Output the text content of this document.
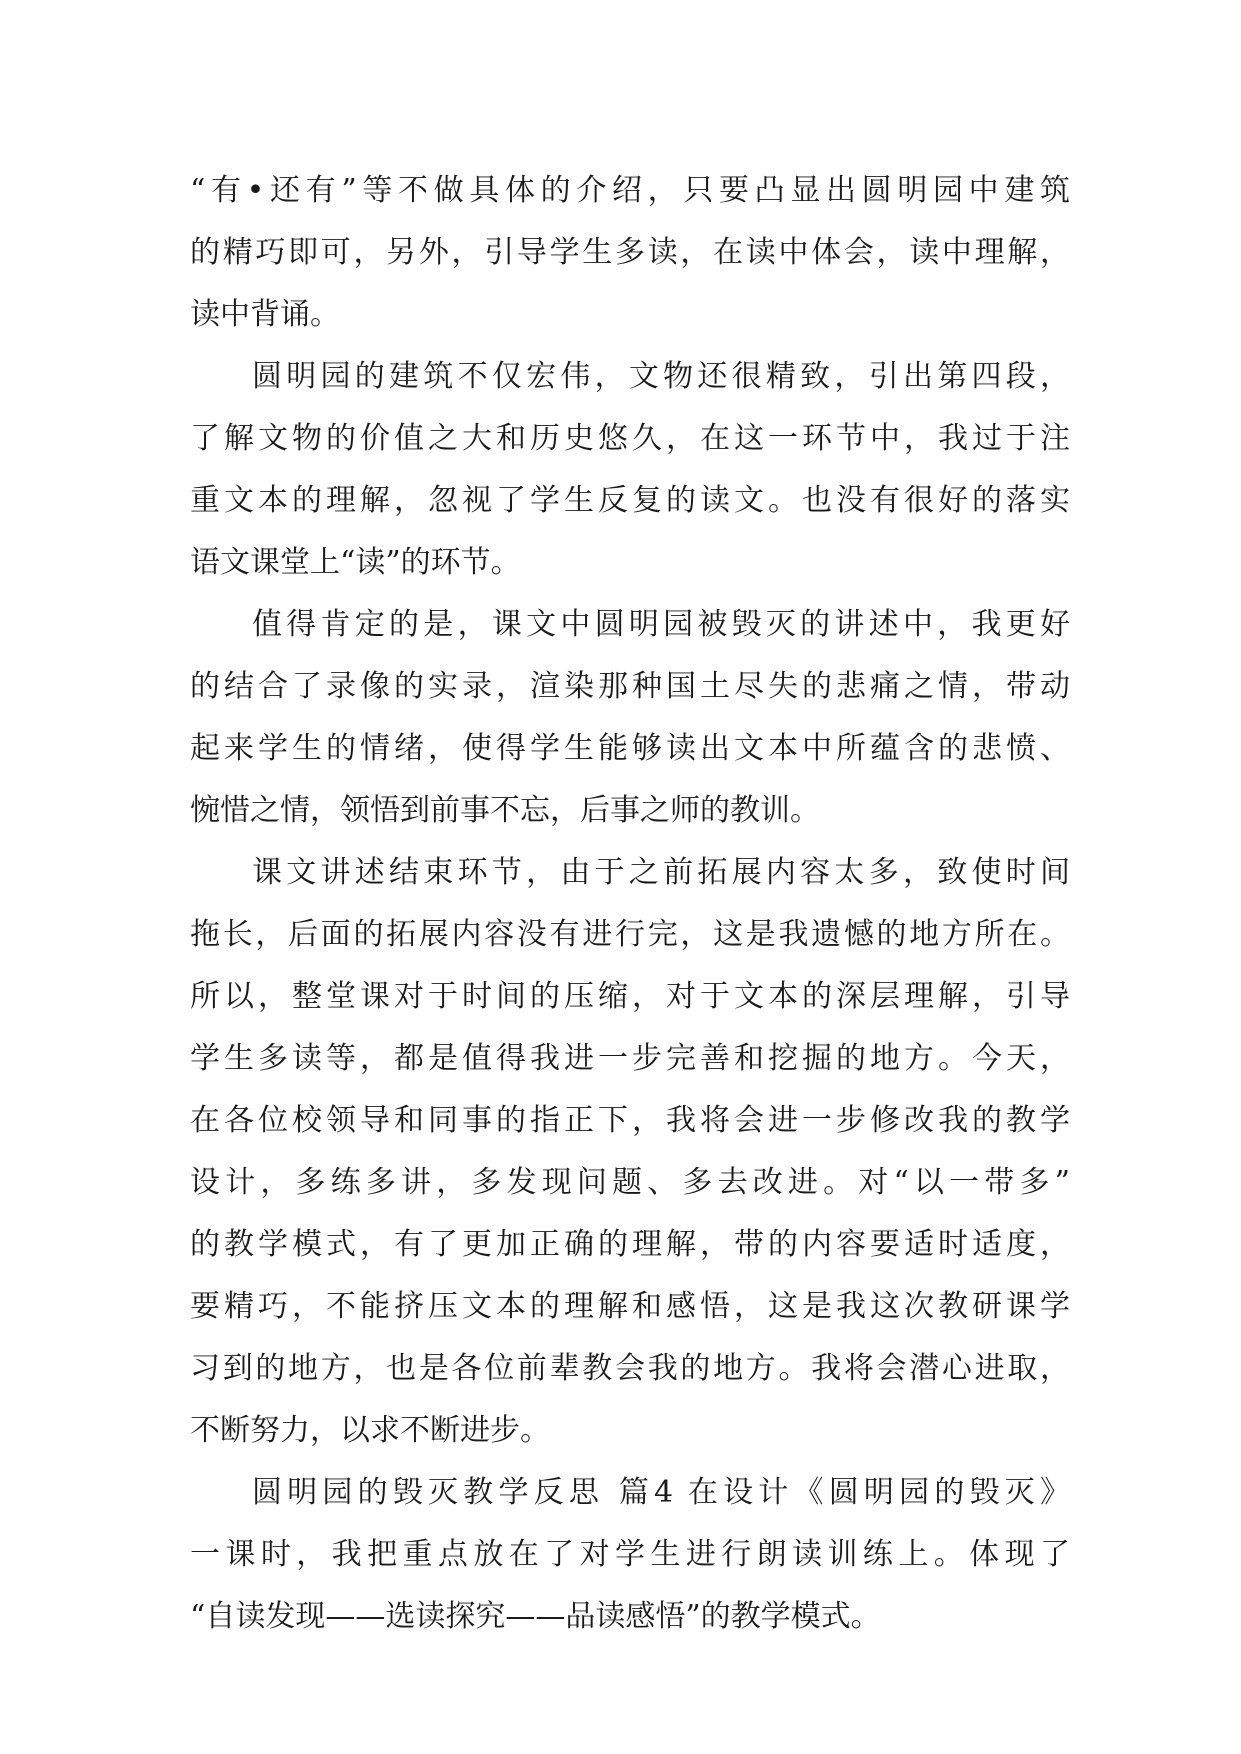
“有•还有”等不做具体的介绍，只要凸显出圆明园中建筑
的精巧即可，另外，引导学生多读，在读中体会，读中理解，
读中背诵。
圆明园的建筑不仅宏伟，文物还很精致，引出第四段，
了解文物的价值之大和历史悠久，在这一环节中，我过于注
重文本的理解，忽视了学生反复的读文。也没有很好的落实
语文课堂上“读”的环节。
值得肯定的是，课文中圆明园被毁灭的讲述中，我更好
的结合了录像的实录，渲染那种国土尽失的悲痛之情，带动
起来学生的情绪，使得学生能够读出文本中所蕴含的悲愤、
惋惜之情，领悟到前事不忘，后事之师的教训。
课文讲述结束环节，由于之前拓展内容太多，致使时间
拖长，后面的拓展内容没有进行完，这是我遗憾的地方所在。
所以，整堂课对于时间的压缩，对于文本的深层理解，引导
学生多读等，都是值得我进一步完善和挖掘的地方。今天，
在各位校领导和同事的指正下，我将会进一步修改我的教学
设计，多练多讲，多发现问题、多去改进。对“以一带多”
的教学模式，有了更加正确的理解，带的内容要适时适度，
要精巧，不能挤压文本的理解和感悟，这是我这次教研课学
习到的地方，也是各位前辈教会我的地方。我将会潜心进取，
不断努力，以求不断进步。
圆明园的毁灭教学反思 篇4 在设计《圆明园的毁灭》
一课时，我把重点放在了对学生进行朗读训练上。体现了
“自读发现——选读探究——品读感悟”的教学模式。
